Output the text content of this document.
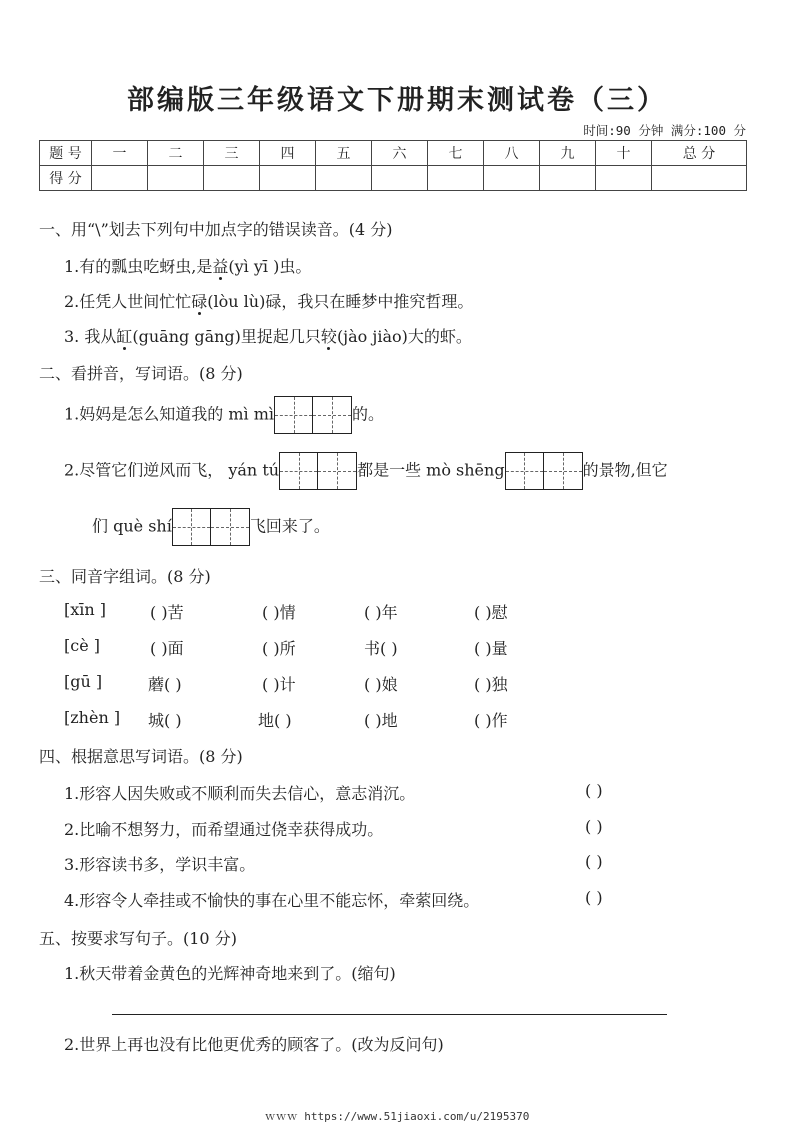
部编版三年级语文下册期末测试卷（三）
时间:90 分钟 满分:100 分
题 号	一	二	三	四	五	六	七	八	九	十	总 分
得 分											
一、用“\”划去下列句中加点字的错误读音。(4 分)
1.有的瓢虫吃蚜虫,是益(yì yī )虫。
2.任凭人世间忙忙碌(lòu lù)碌，我只在睡梦中推究哲理。
3. 我从缸(guāng gāng)里捉起几只较(jào jiào)大的虾。
二、看拼音，写词语。(8 分)
1.妈妈是怎么知道我的 mì mì	的。
2.尽管它们逆风而飞， yán tú	都是一些 mò shēng	的景物,但它
们 què shí	飞回来了。
三、同音字组词。(8 分)
[xīn ]	( )苦	( )情	( )年	( )慰
[cè ]	( )面	( )所	书( )	( )量
[gū ]	蘑( )	( )计	( )娘	( )独
[zhèn ] 城( )	地( )	( )地	( )作
四、根据意思写词语。(8 分)
1.形容人因失败或不顺利而失去信心，意志消沉。	( )
2.比喻不想努力，而希望通过侥幸获得成功。	( )
3.形容读书多，学识丰富。	( )
4.形容令人牵挂或不愉快的事在心里不能忘怀，牵萦回绕。	( )
五、按要求写句子。(10 分)
1.秋天带着金黄色的光辉神奇地来到了。(缩句)
2.世界上再也没有比他更优秀的顾客了。(改为反问句)
ｗｗｗ https://www.51jiaoxi.com/u/2195370
